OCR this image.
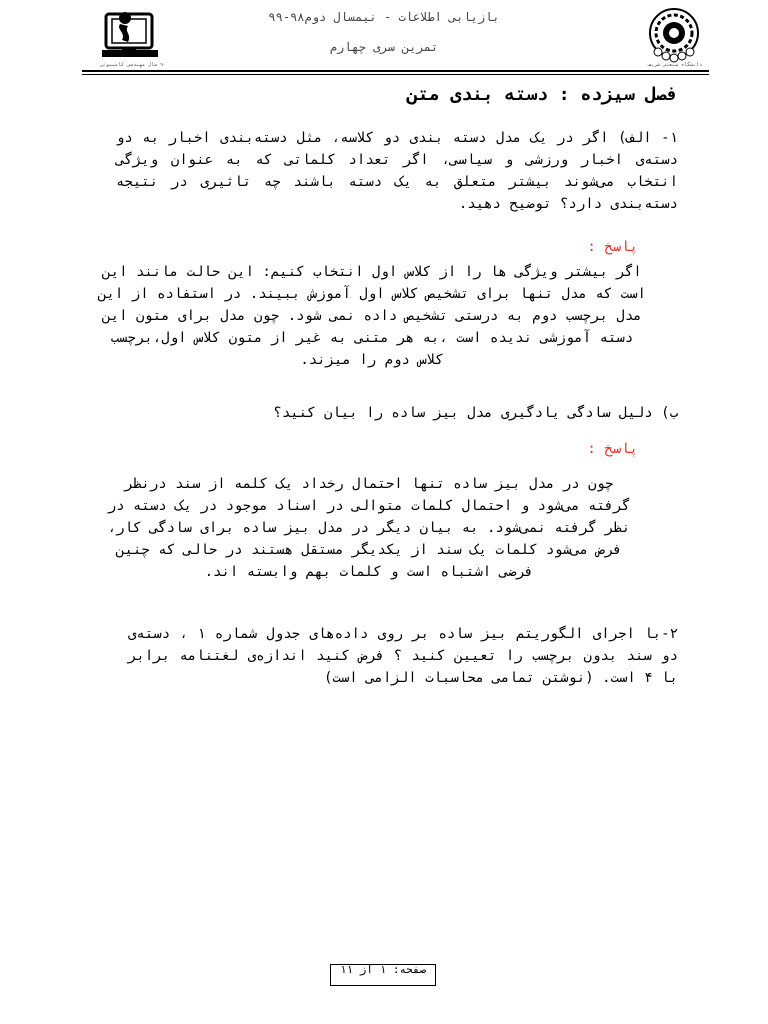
۹۰ سال مهندسی کامپیوتر
بازیابی اطلاعات - نیمسال دوم۹۸-۹۹
تمرین سری چهارم
دانشگاه صنعتی شریف
فصل سیزده : دسته بندی متن
۱- الف) اگر در یک مدل دسته بندی دو کلاسه، مثل دسته‌بندی اخبار به دو دسته‌ی اخبار ورزشی و سیاسی، اگر تعداد کلماتی که به عنوان ویژگی انتخاب می‌شوند بیشتر متعلق به یک دسته باشند چه تاثیری در نتیجه دسته‌بندی دارد؟ توضیح دهید.
پاسخ :
اگر بیشتر ویژگی ها را از کلاس اول انتخاب کنیم: این حالت مانند این است که مدل تنها برای تشخیص کلاس اول آموزش ببیند. در استفاده از این مدل برچسب دوم به درستی تشخیص داده نمی شود. چون مدل برای متون این دسته آموزشی ندیده است ،به هر متنی به غیر از متون کلاس اول،برچسب کلاس دوم را میزند.
ب) دلیل سادگی یادگیری مدل بیز ساده را بیان کنید؟
پاسخ :
چون در مدل بیز ساده تنها احتمال رخداد یک کلمه از سند درنظر گرفته می‌شود و احتمال کلمات متوالی در اسناد موجود در یک دسته در نظر گرفته نمی‌شود. به بیان دیگر در مدل بیز ساده برای سادگی کار، فرض می‌شود کلمات یک سند از یکدیگر مستقل هستند در حالی که چنین فرضی اشتباه است و کلمات بهم وابسته اند.
۲-با اجرای الگوریتم بیز ساده بر روی داده‌های جدول شماره ۱ ، دسته‌ی دو سند بدون برچسب را تعیین کنید ؟ فرض کنید اندازه‌ی لغتنامه برابر با ۴ است. (نوشتن تمامی محاسبات الزامی است)
صفحه: ۱ از ۱۱
